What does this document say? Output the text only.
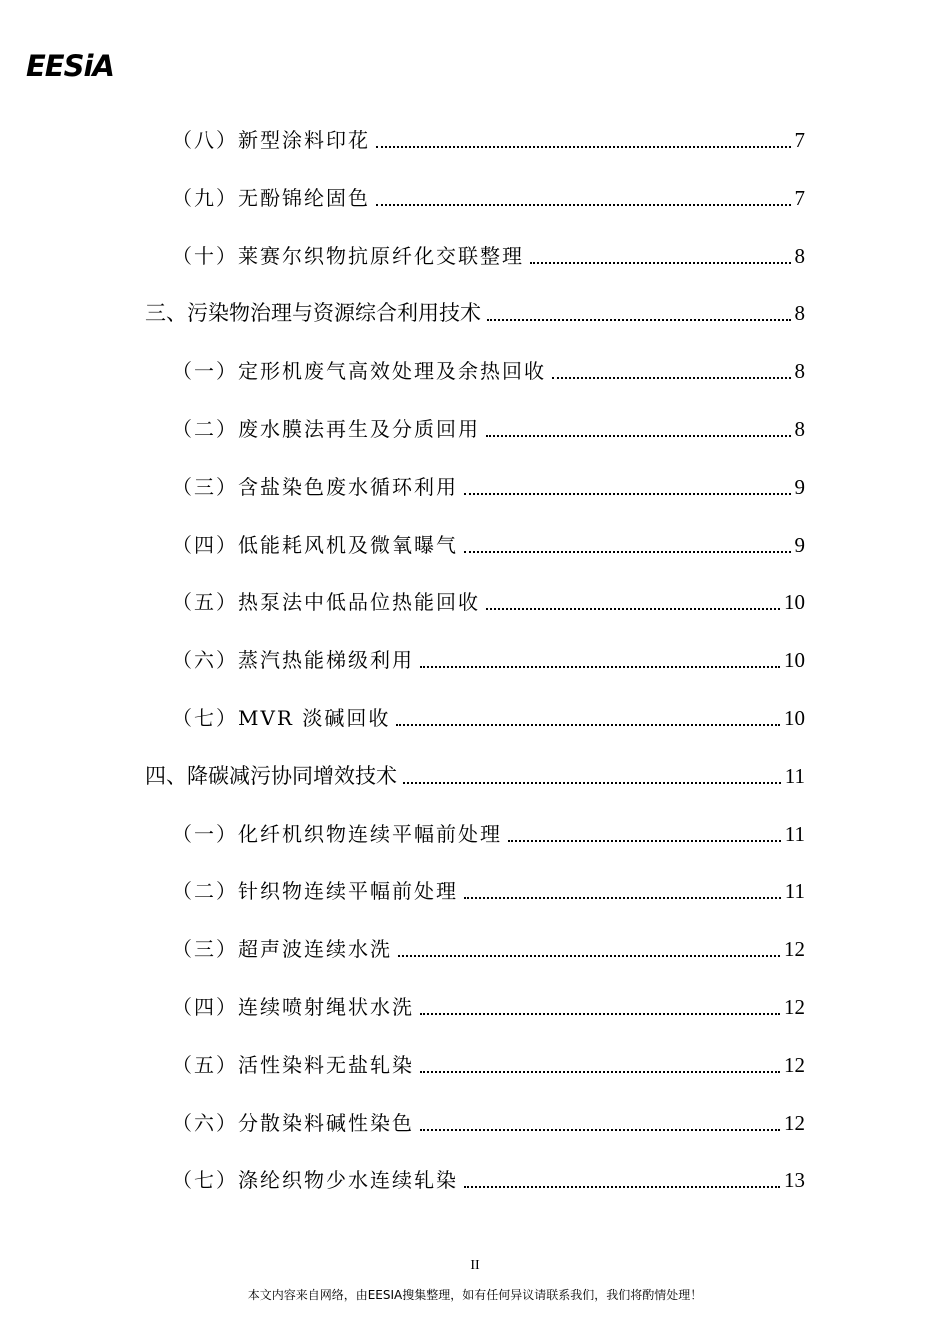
EESiA
（八）新型涂料印花	7
（九）无酚锦纶固色	7
（十）莱赛尔织物抗原纤化交联整理	8
三、污染物治理与资源综合利用技术	8
（一）定形机废气高效处理及余热回收	8
（二）废水膜法再生及分质回用	8
（三）含盐染色废水循环利用	9
（四）低能耗风机及微氧曝气	9
（五）热泵法中低品位热能回收	10
（六）蒸汽热能梯级利用	10
（七）MVR 淡碱回收	10
四、降碳减污协同增效技术	11
（一）化纤机织物连续平幅前处理	11
（二）针织物连续平幅前处理	11
（三）超声波连续水洗	12
（四）连续喷射绳状水洗	12
（五）活性染料无盐轧染	12
（六）分散染料碱性染色	12
（七）涤纶织物少水连续轧染	13
II
本文内容来自网络，由EESIA搜集整理，如有任何异议请联系我们，我们将酌情处理！
